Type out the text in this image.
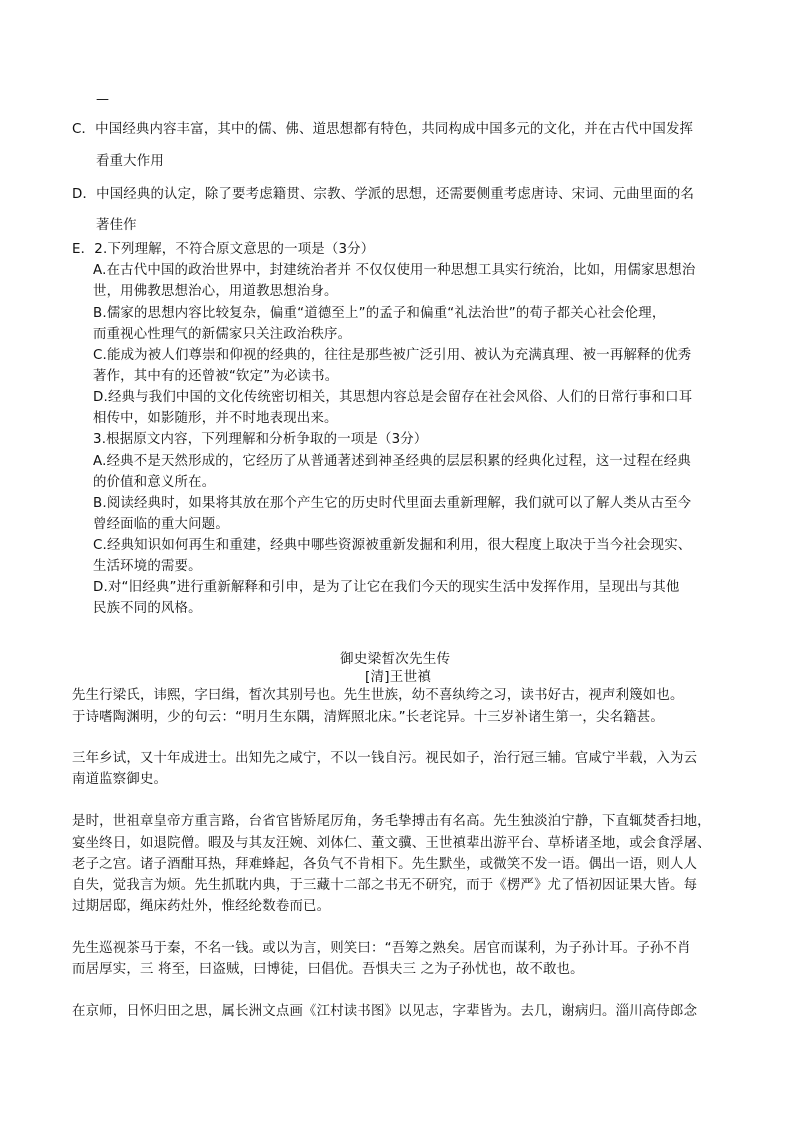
—
C．中国经典内容丰富，其中的儒、佛、道思想都有特色，共同构成中国多元的文化，并在古代中国发挥
看重大作用
D．中国经典的认定，除了要考虑籍贯、宗教、学派的思想，还需要侧重考虑唐诗、宋词、元曲里面的名
著佳作
E．2.下列理解，不符合原文意思的一项是（3分）
A.在古代中国的政治世界中，封建统治者并 不仅仅使用一种思想工具实行统治，比如，用儒家思想治
世，用佛教思想治心，用道教思想治身。
B.儒家的思想内容比较复杂，偏重“道德至上”的孟子和偏重“礼法治世”的荀子都关心社会伦理，
而重视心性理气的新儒家只关注政治秩序。
C.能成为被人们尊崇和仰视的经典的，往往是那些被广泛引用、被认为充满真理、被一再解释的优秀
著作，其中有的还曾被“钦定”为必读书。
D.经典与我们中国的文化传统密切相关，其思想内容总是会留存在社会风俗、人们的日常行事和口耳
相传中，如影随形，并不时地表现出来。
3.根据原文内容，下列理解和分析争取的一项是（3分）
A.经典不是天然形成的，它经历了从普通著述到神圣经典的层层积累的经典化过程，这一过程在经典
的价值和意义所在。
B.阅读经典时，如果将其放在那个产生它的历史时代里面去重新理解，我们就可以了解人类从古至今
曾经面临的重大问题。
C.经典知识如何再生和重建，经典中哪些资源被重新发掘和利用，很大程度上取决于当今社会现实、
生活环境的需要。
D.对“旧经典”进行重新解释和引申，是为了让它在我们今天的现实生活中发挥作用，呈现出与其他
民族不同的风格。
御史梁皙次先生传
[清]王世禛
先生行梁氏，讳熙，字曰缉，皙次其别号也。先生世族，幼不喜纨绔之习，读书好古，视声利篾如也。
于诗嗜陶渊明，少的句云：“明月生东隅，清辉照北床。”长老诧异。十三岁补诸生第一，尖名籍甚。
三年乡试，又十年成进士。出知先之咸宁，不以一钱自污。视民如子，治行冠三辅。官咸宁半载，入为云
南道监察御史。
是时，世祖章皇帝方重言路，台省官皆矫尾厉角，务毛挚搏击有名高。先生独淡泊宁静，下直辄焚香扫地，
宴坐终日，如退院僧。暇及与其友汪婉、刘体仁、董文骥、王世禛辈出游平台、草桥诸圣地，或会食浮屠、
老子之宫。诸子酒酣耳热，拜难蜂起，各负气不肯相下。先生默坐，或微笑不发一语。偶出一语，则人人
自失，觉我言为烦。先生抓耽内典，于三藏十二部之书无不研究，而于《楞严》尤了悟初因证果大皆。每
过期居邸，绳床药灶外，惟经纶数卷而已。
先生巡视茶马于秦，不名一钱。或以为言，则笑曰：“吾筹之熟矣。居官而谋利，为子孙计耳。子孙不肖
而居厚实，三 将至，曰盗贼，曰博徒，曰倡优。吾惧夫三 之为子孙忧也，故不敢也。
在京师，日怀归田之思，属长洲文点画《江村读书图》以见志，字辈皆为。去几，谢病归。淄川高侍郎念
